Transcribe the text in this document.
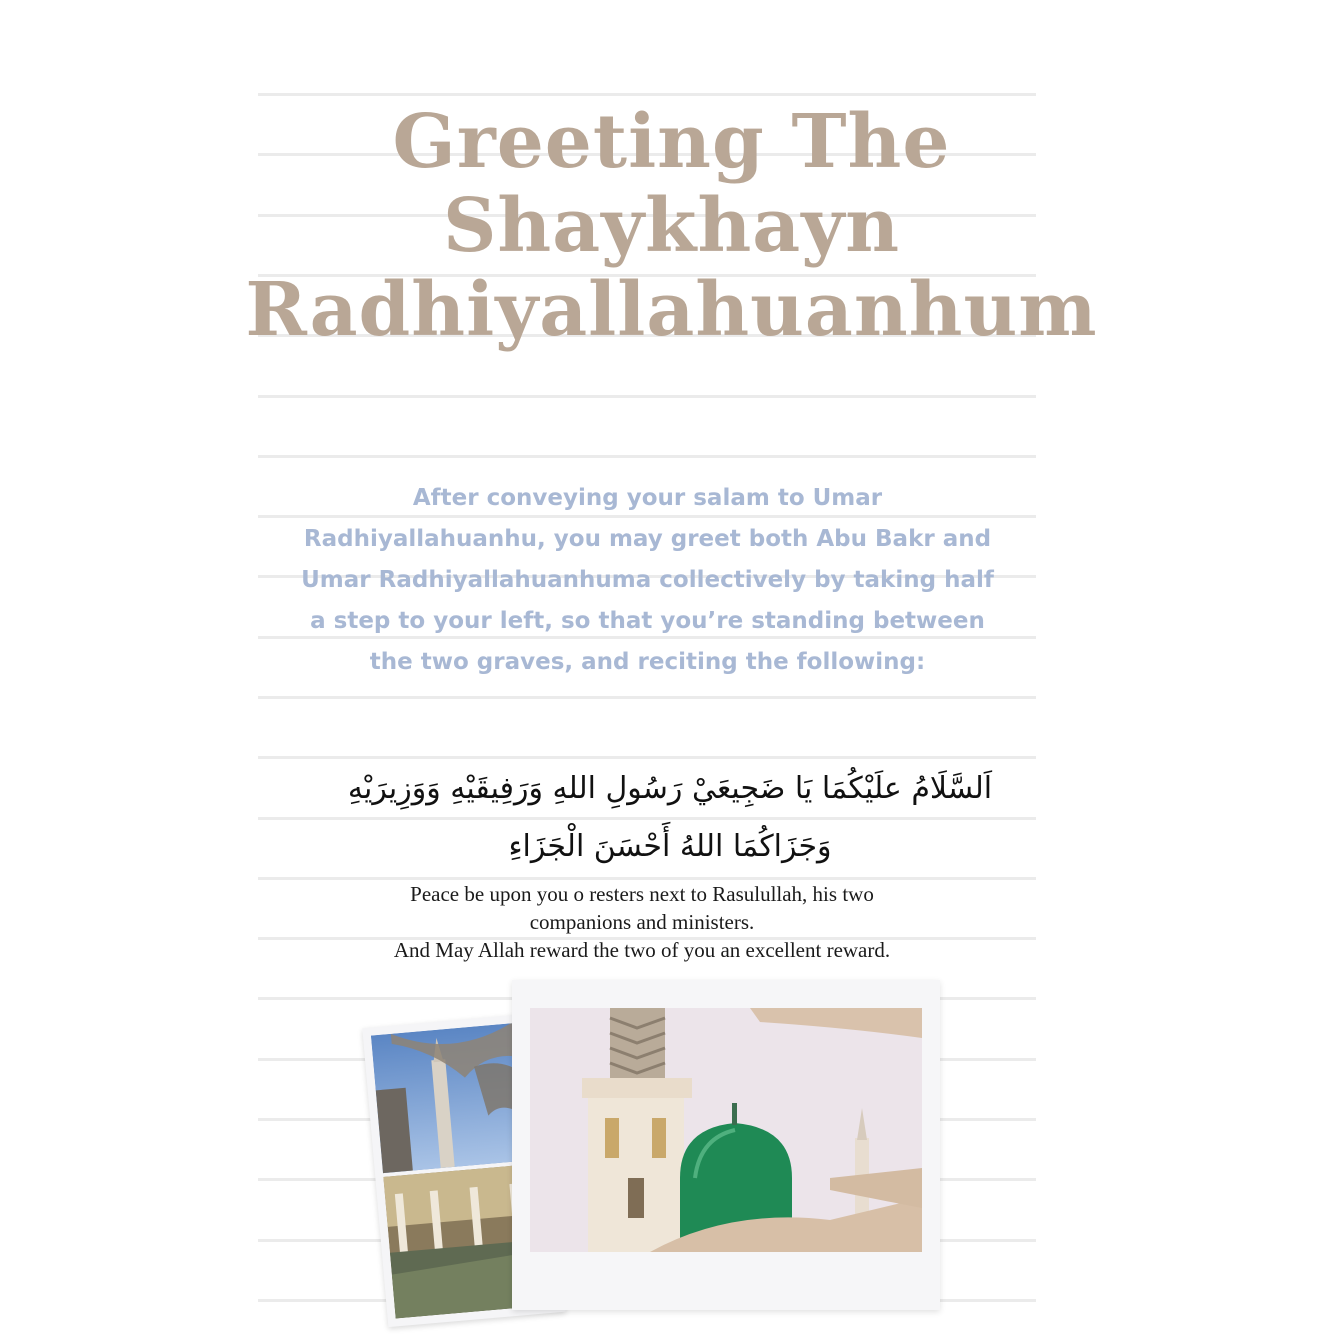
Greeting The
Shaykhayn
Radhiyallahuanhum
After conveying your salam to Umar
Radhiyallahuanhu, you may greet both Abu Bakr and
Umar Radhiyallahuanhuma collectively by taking half
a step to your left, so that you’re standing between
the two graves, and reciting the following:
اَلسَّلَامُ علَيْكُمَا يَا ضَجِيعَيْ رَسُولِ اللهِ وَرَفِيقَيْهِ وَوَزِيرَيْهِ
وَجَزَاكُمَا اللهُ أَحْسَنَ الْجَزَاءِ
Peace be upon you o resters next to Rasulullah, his two
companions and ministers.
And May Allah reward the two of you an excellent reward.
